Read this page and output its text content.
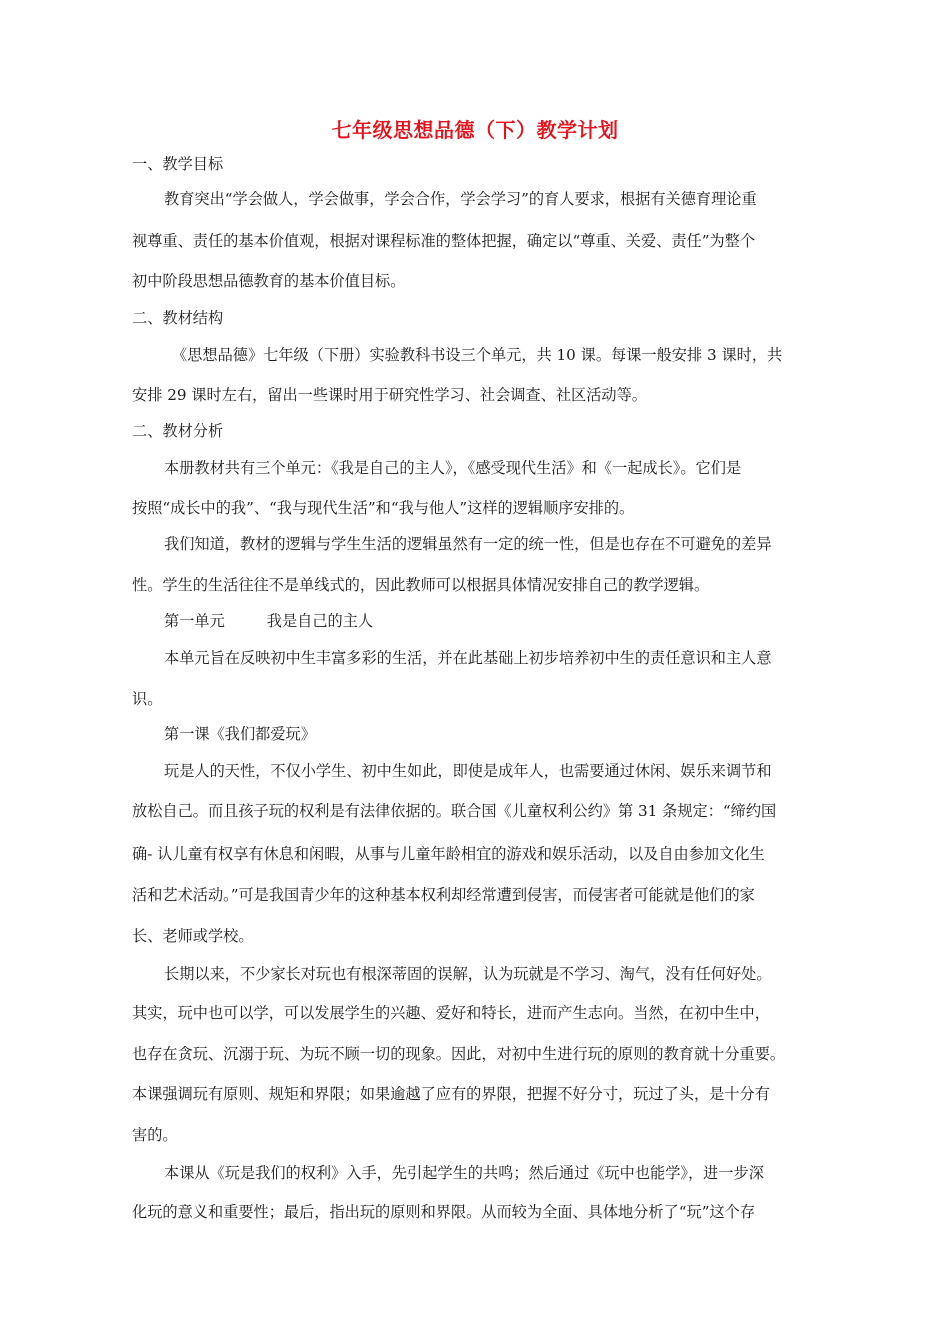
七年级思想品德（下）教学计划
一、教学目标
教育突出“学会做人，学会做事，学会合作，学会学习”的育人要求，根据有关德育理论重
视尊重、责任的基本价值观，根据对课程标准的整体把握，确定以“尊重、关爱、责任”为整个
初中阶段思想品德教育的基本价值目标。
二、教材结构
《思想品德》七年级（下册）实验教科书设三个单元，共 10 课。每课一般安排 3 课时，共
安排 29 课时左右，留出一些课时用于研究性学习、社会调查、社区活动等。
二、教材分析
本册教材共有三个单元：《我是自己的主人》，《感受现代生活》和《一起成长》。它们是
按照“成长中的我”、“我与现代生活”和“我与他人”这样的逻辑顺序安排的。
我们知道，教材的逻辑与学生生活的逻辑虽然有一定的统一性，但是也存在不可避免的差异
性。学生的生活往往不是单线式的，因此教师可以根据具体情况安排自己的教学逻辑。
第一单元	我是自己的主人
本单元旨在反映初中生丰富多彩的生活，并在此基础上初步培养初中生的责任意识和主人意
识。
第一课《我们都爱玩》
玩是人的天性，不仅小学生、初中生如此，即使是成年人，也需要通过休闲、娱乐来调节和
放松自己。而且孩子玩的权利是有法律依据的。联合国《儿童权利公约》第 31 条规定：“缔约国
确- 认儿童有权享有休息和闲暇，从事与儿童年龄相宜的游戏和娱乐活动，以及自由参加文化生
活和艺术活动。”可是我国青少年的这种基本权利却经常遭到侵害，而侵害者可能就是他们的家
长、老师或学校。
长期以来，不少家长对玩也有根深蒂固的误解，认为玩就是不学习、淘气，没有任何好处。
其实，玩中也可以学，可以发展学生的兴趣、爱好和特长，进而产生志向。当然，在初中生中，
也存在贪玩、沉溺于玩、为玩不顾一切的现象。因此，对初中生进行玩的原则的教育就十分重要。
本课强调玩有原则、规矩和界限；如果逾越了应有的界限，把握不好分寸，玩过了头，是十分有
害的。
本课从《玩是我们的权利》入手，先引起学生的共鸣；然后通过《玩中也能学》，进一步深
化玩的意义和重要性；最后，指出玩的原则和界限。从而较为全面、具体地分析了“玩”这个存
